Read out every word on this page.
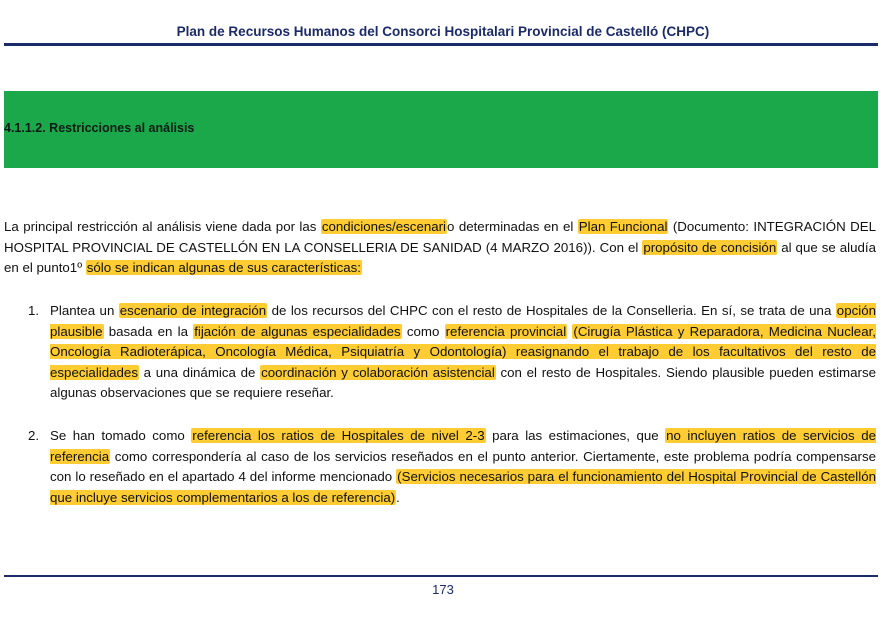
Plan de Recursos Humanos del Consorci Hospitalari Provincial de Castelló (CHPC)
4.1.1.2. Restricciones al análisis

La principal restricción al análisis viene dada por las condiciones/escenario determinadas en el Plan Funcional (Documento: INTEGRACIÓN DEL HOSPITAL PROVINCIAL DE CASTELLÓN EN LA CONSELLERIA DE SANIDAD (4 MARZO 2016)). Con el propósito de concisión al que se aludía en el punto1º sólo se indican algunas de sus características:

1. Plantea un escenario de integración de los recursos del CHPC con el resto de Hospitales de la Conselleria. En sí, se trata de una opción plausible basada en la fijación de algunas especialidades como referencia provincial (Cirugía Plástica y Reparadora, Medicina Nuclear, Oncología Radioterápica, Oncología Médica, Psiquiatría y Odontología) reasignando el trabajo de los facultativos del resto de especialidades a una dinámica de coordinación y colaboración asistencial con el resto de Hospitales. Siendo plausible pueden estimarse algunas observaciones que se requiere reseñar.
2. Se han tomado como referencia los ratios de Hospitales de nivel 2-3 para las estimaciones, que no incluyen ratios de servicios de referencia como correspondería al caso de los servicios reseñados en el punto anterior. Ciertamente, este problema podría compensarse con lo reseñado en el apartado 4 del informe mencionado (Servicios necesarios para el funcionamiento del Hospital Provincial de Castellón que incluye servicios complementarios a los de referencia).
173
